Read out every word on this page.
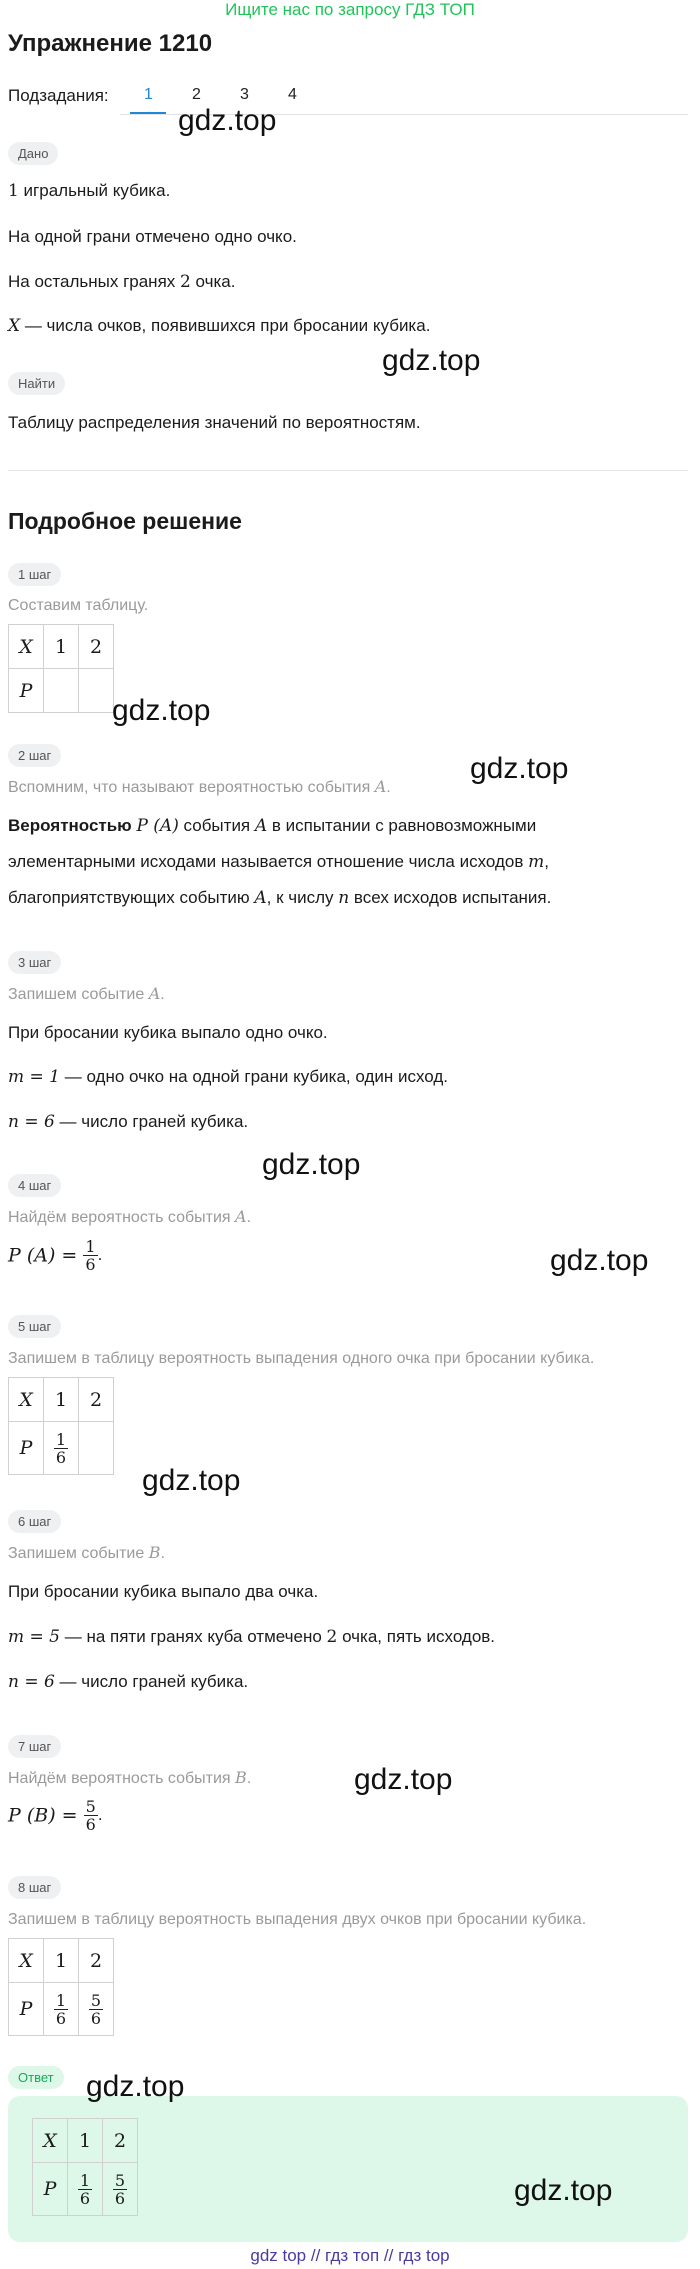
Ищите нас по запросу ГДЗ ТОП
Упражнение 1210
Подзадания: 1 2 3 4
gdz.top
Дано
1 игральный кубика.
На одной грани отмечено одно очко.
На остальных гранях 2 очка.
X — числа очков, появившихся при бросании кубика.
gdz.top
Найти
Таблицу распределения значений по вероятностям.
Подробное решение
1 шаг
Составим таблицу.
X	1	2
P		
gdz.top
2 шаг	gdz.top
Вспомним, что называют вероятностью события A.
Вероятностью P (A) события A в испытании с равновозможными
элементарными исходами называется отношение числа исходов m,
благоприятствующих событию A, к числу n всех исходов испытания.
3 шаг
Запишем событие A.
При бросании кубика выпало одно очко.
m = 1 — одно очко на одной грани кубика, один исход.
n = 6 — число граней кубика.
gdz.top
4 шаг
Найдём вероятность события A.
P $(A) = \frac{1}{6}$ .	gdz.top
5 шаг
Запишем в таблицу вероятность выпадения одного очка при бросании кубика.
X	1	2
P	$\frac{1}{6}$

gdz.top
6 шаг
Запишем событие B.
При бросании кубика выпало два очка.
m = 5 — на пяти гранях куба отмечено 2 очка, пять исходов.
n = 6 — число граней кубика.
7 шаг
gdz.top
Найдём вероятность события B.
P $(B) = \frac{5}{6}$ .
8 шаг
Запишем в таблицу вероятность выпадения двух очков при бросании кубика.
X	1	2
P	$\frac{1}{6}$	$\frac{5}{6}$
Ответ	gdz.top
X	1	2
P	$\frac{1}{6}$	$\frac{5}{6}$	gdz.top
gdz top // гдз топ // гдз top
